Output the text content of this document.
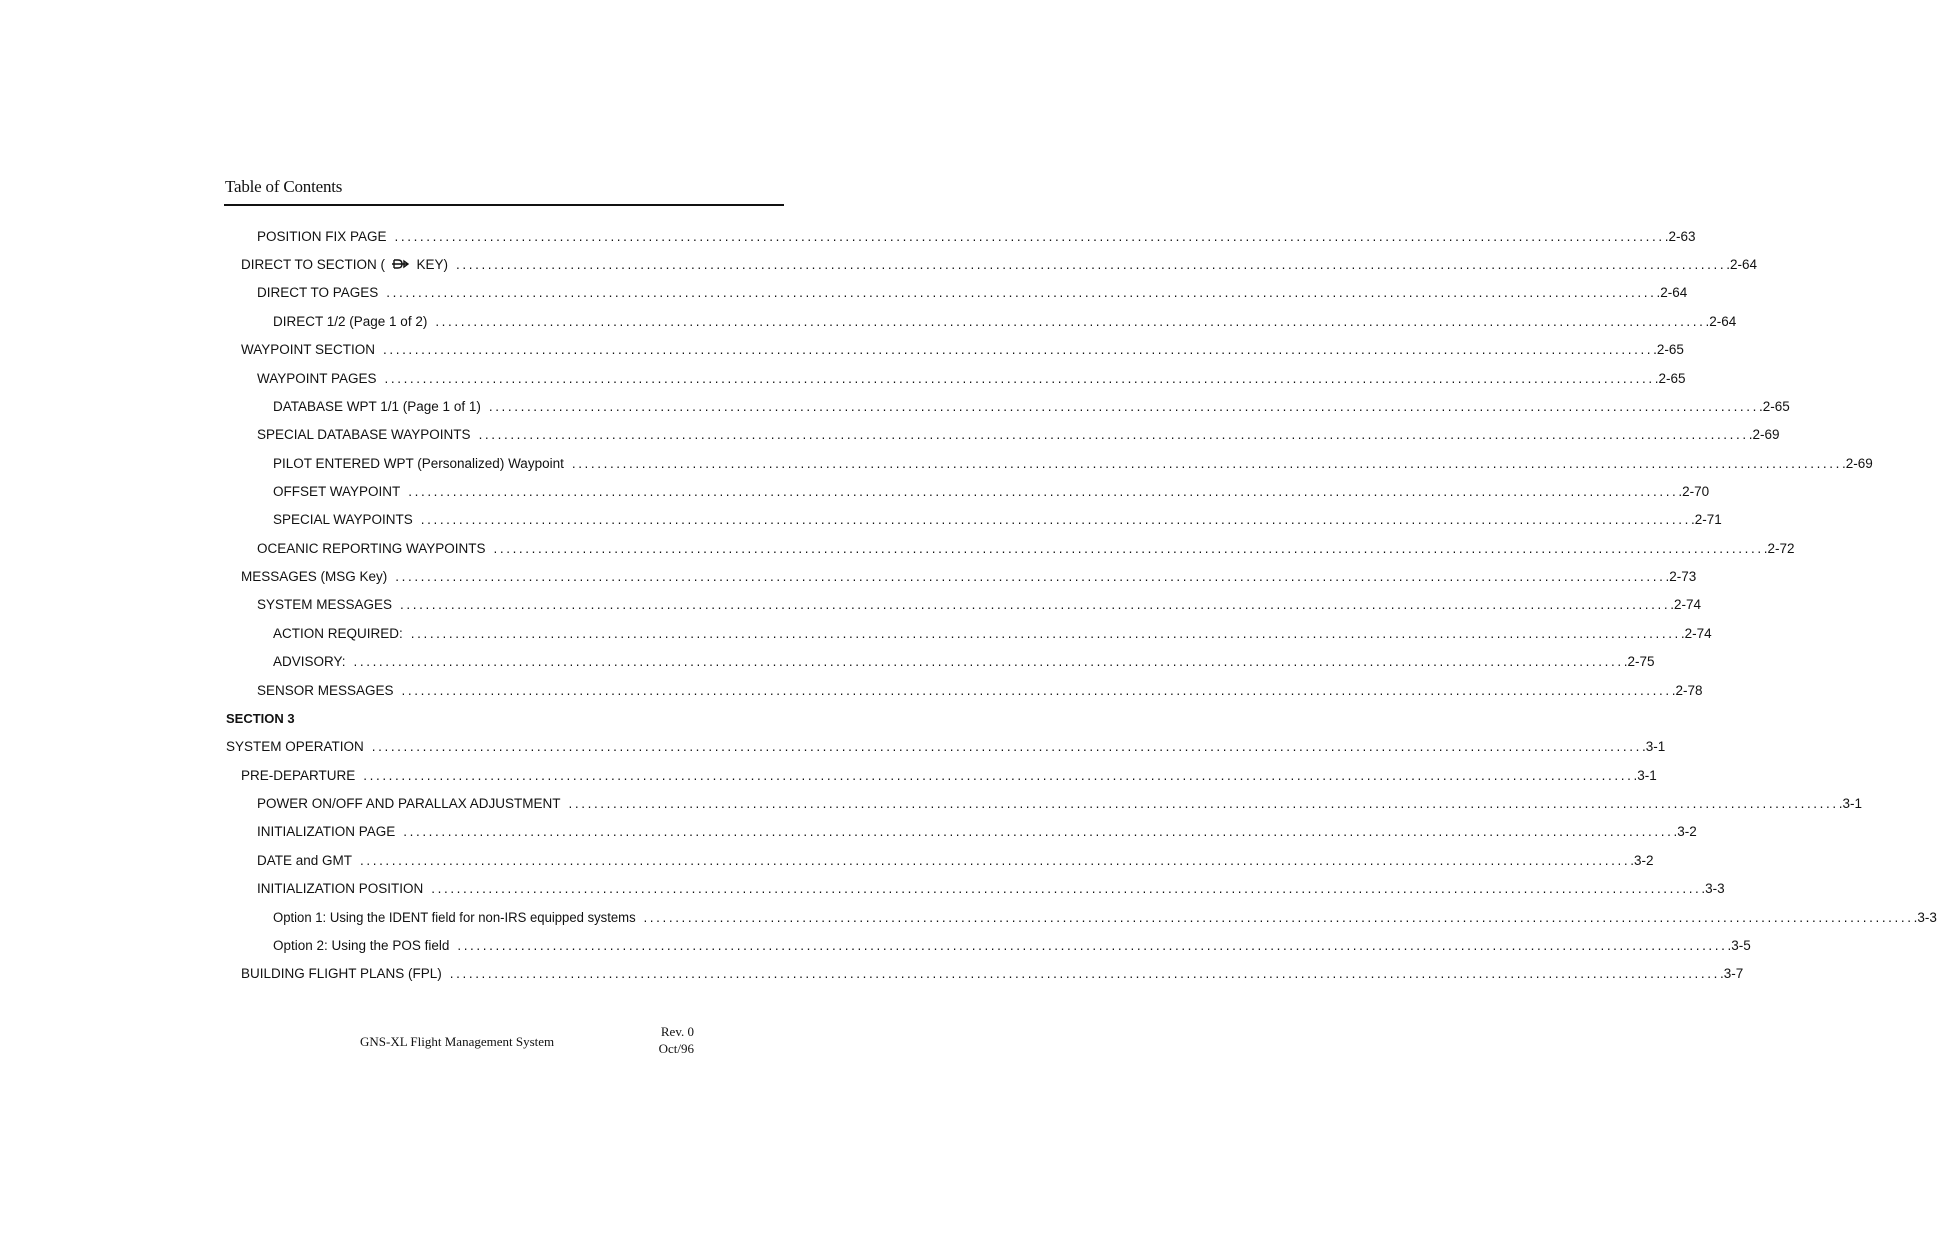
Table of Contents
POSITION FIX PAGE ........................................................................................................................................................................................................ .2-63
DIRECT TO SECTION (  KEY) ........................................................................................................................................................................................................ .2-64
DIRECT TO PAGES ........................................................................................................................................................................................................ .2-64
DIRECT 1/2 (Page 1 of 2) ........................................................................................................................................................................................................ .2-64
WAYPOINT SECTION ........................................................................................................................................................................................................ .2-65
WAYPOINT PAGES ........................................................................................................................................................................................................ .2-65
DATABASE WPT 1/1 (Page 1 of 1) ........................................................................................................................................................................................................ .2-65
SPECIAL DATABASE WAYPOINTS ........................................................................................................................................................................................................ .2-69
PILOT ENTERED WPT (Personalized) Waypoint ........................................................................................................................................................................................................ .2-69
OFFSET WAYPOINT ........................................................................................................................................................................................................ .2-70
SPECIAL WAYPOINTS ........................................................................................................................................................................................................ .2-71
OCEANIC REPORTING WAYPOINTS ........................................................................................................................................................................................................ .2-72
MESSAGES (MSG Key) ........................................................................................................................................................................................................ .2-73
SYSTEM MESSAGES ........................................................................................................................................................................................................ .2-74
ACTION REQUIRED: ........................................................................................................................................................................................................ .2-74
ADVISORY: ........................................................................................................................................................................................................ .2-75
SENSOR MESSAGES ........................................................................................................................................................................................................ .2-78
SECTION 3
SYSTEM OPERATION ........................................................................................................................................................................................................ .3-1
PRE-DEPARTURE ........................................................................................................................................................................................................ .3-1
POWER ON/OFF AND PARALLAX ADJUSTMENT ........................................................................................................................................................................................................ .3-1
INITIALIZATION PAGE ........................................................................................................................................................................................................ .3-2
DATE and GMT ........................................................................................................................................................................................................ .3-2
INITIALIZATION POSITION ........................................................................................................................................................................................................ .3-3
Option 1: Using the IDENT field for non-IRS equipped systems ........................................................................................................................................................................................................ .3-3
Option 2: Using the POS field ........................................................................................................................................................................................................ .3-5
BUILDING FLIGHT PLANS (FPL) ........................................................................................................................................................................................................ .3-7
GNS-XL Flight Management System
Rev. 0
Oct/96
